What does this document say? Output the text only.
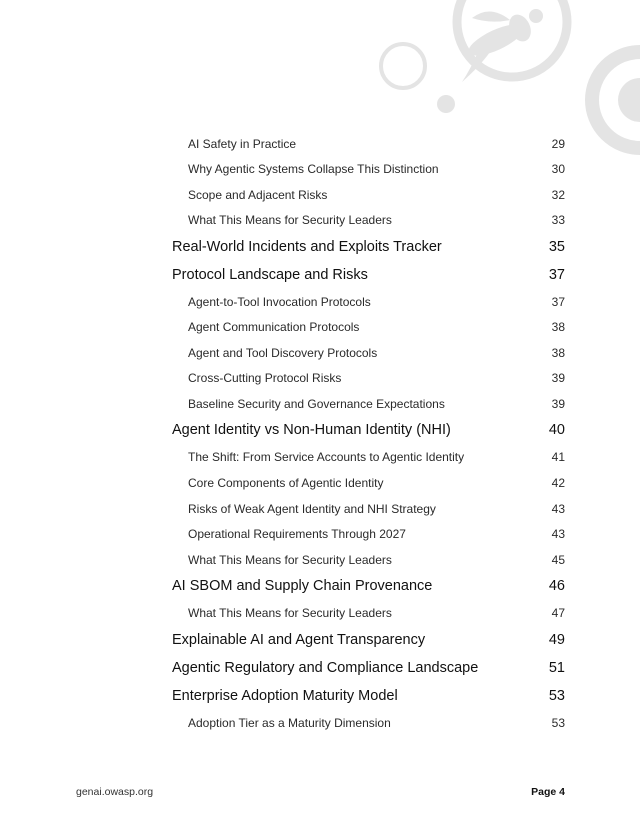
AI Safety in Practice	29
Why Agentic Systems Collapse This Distinction	30
Scope and Adjacent Risks	32
What This Means for Security Leaders	33
Real-World Incidents and Exploits Tracker	35
Protocol Landscape and Risks	37
Agent-to-Tool Invocation Protocols	37
Agent Communication Protocols	38
Agent and Tool Discovery Protocols	38
Cross-Cutting Protocol Risks	39
Baseline Security and Governance Expectations	39
Agent Identity vs Non-Human Identity (NHI)	40
The Shift: From Service Accounts to Agentic Identity	41
Core Components of Agentic Identity	42
Risks of Weak Agent Identity and NHI Strategy	43
Operational Requirements Through 2027	43
What This Means for Security Leaders	45
AI SBOM and Supply Chain Provenance	46
What This Means for Security Leaders	47
Explainable AI and Agent Transparency	49
Agentic Regulatory and Compliance Landscape	51
Enterprise Adoption Maturity Model	53
Adoption Tier as a Maturity Dimension	53
genai.owasp.org	Page 4
